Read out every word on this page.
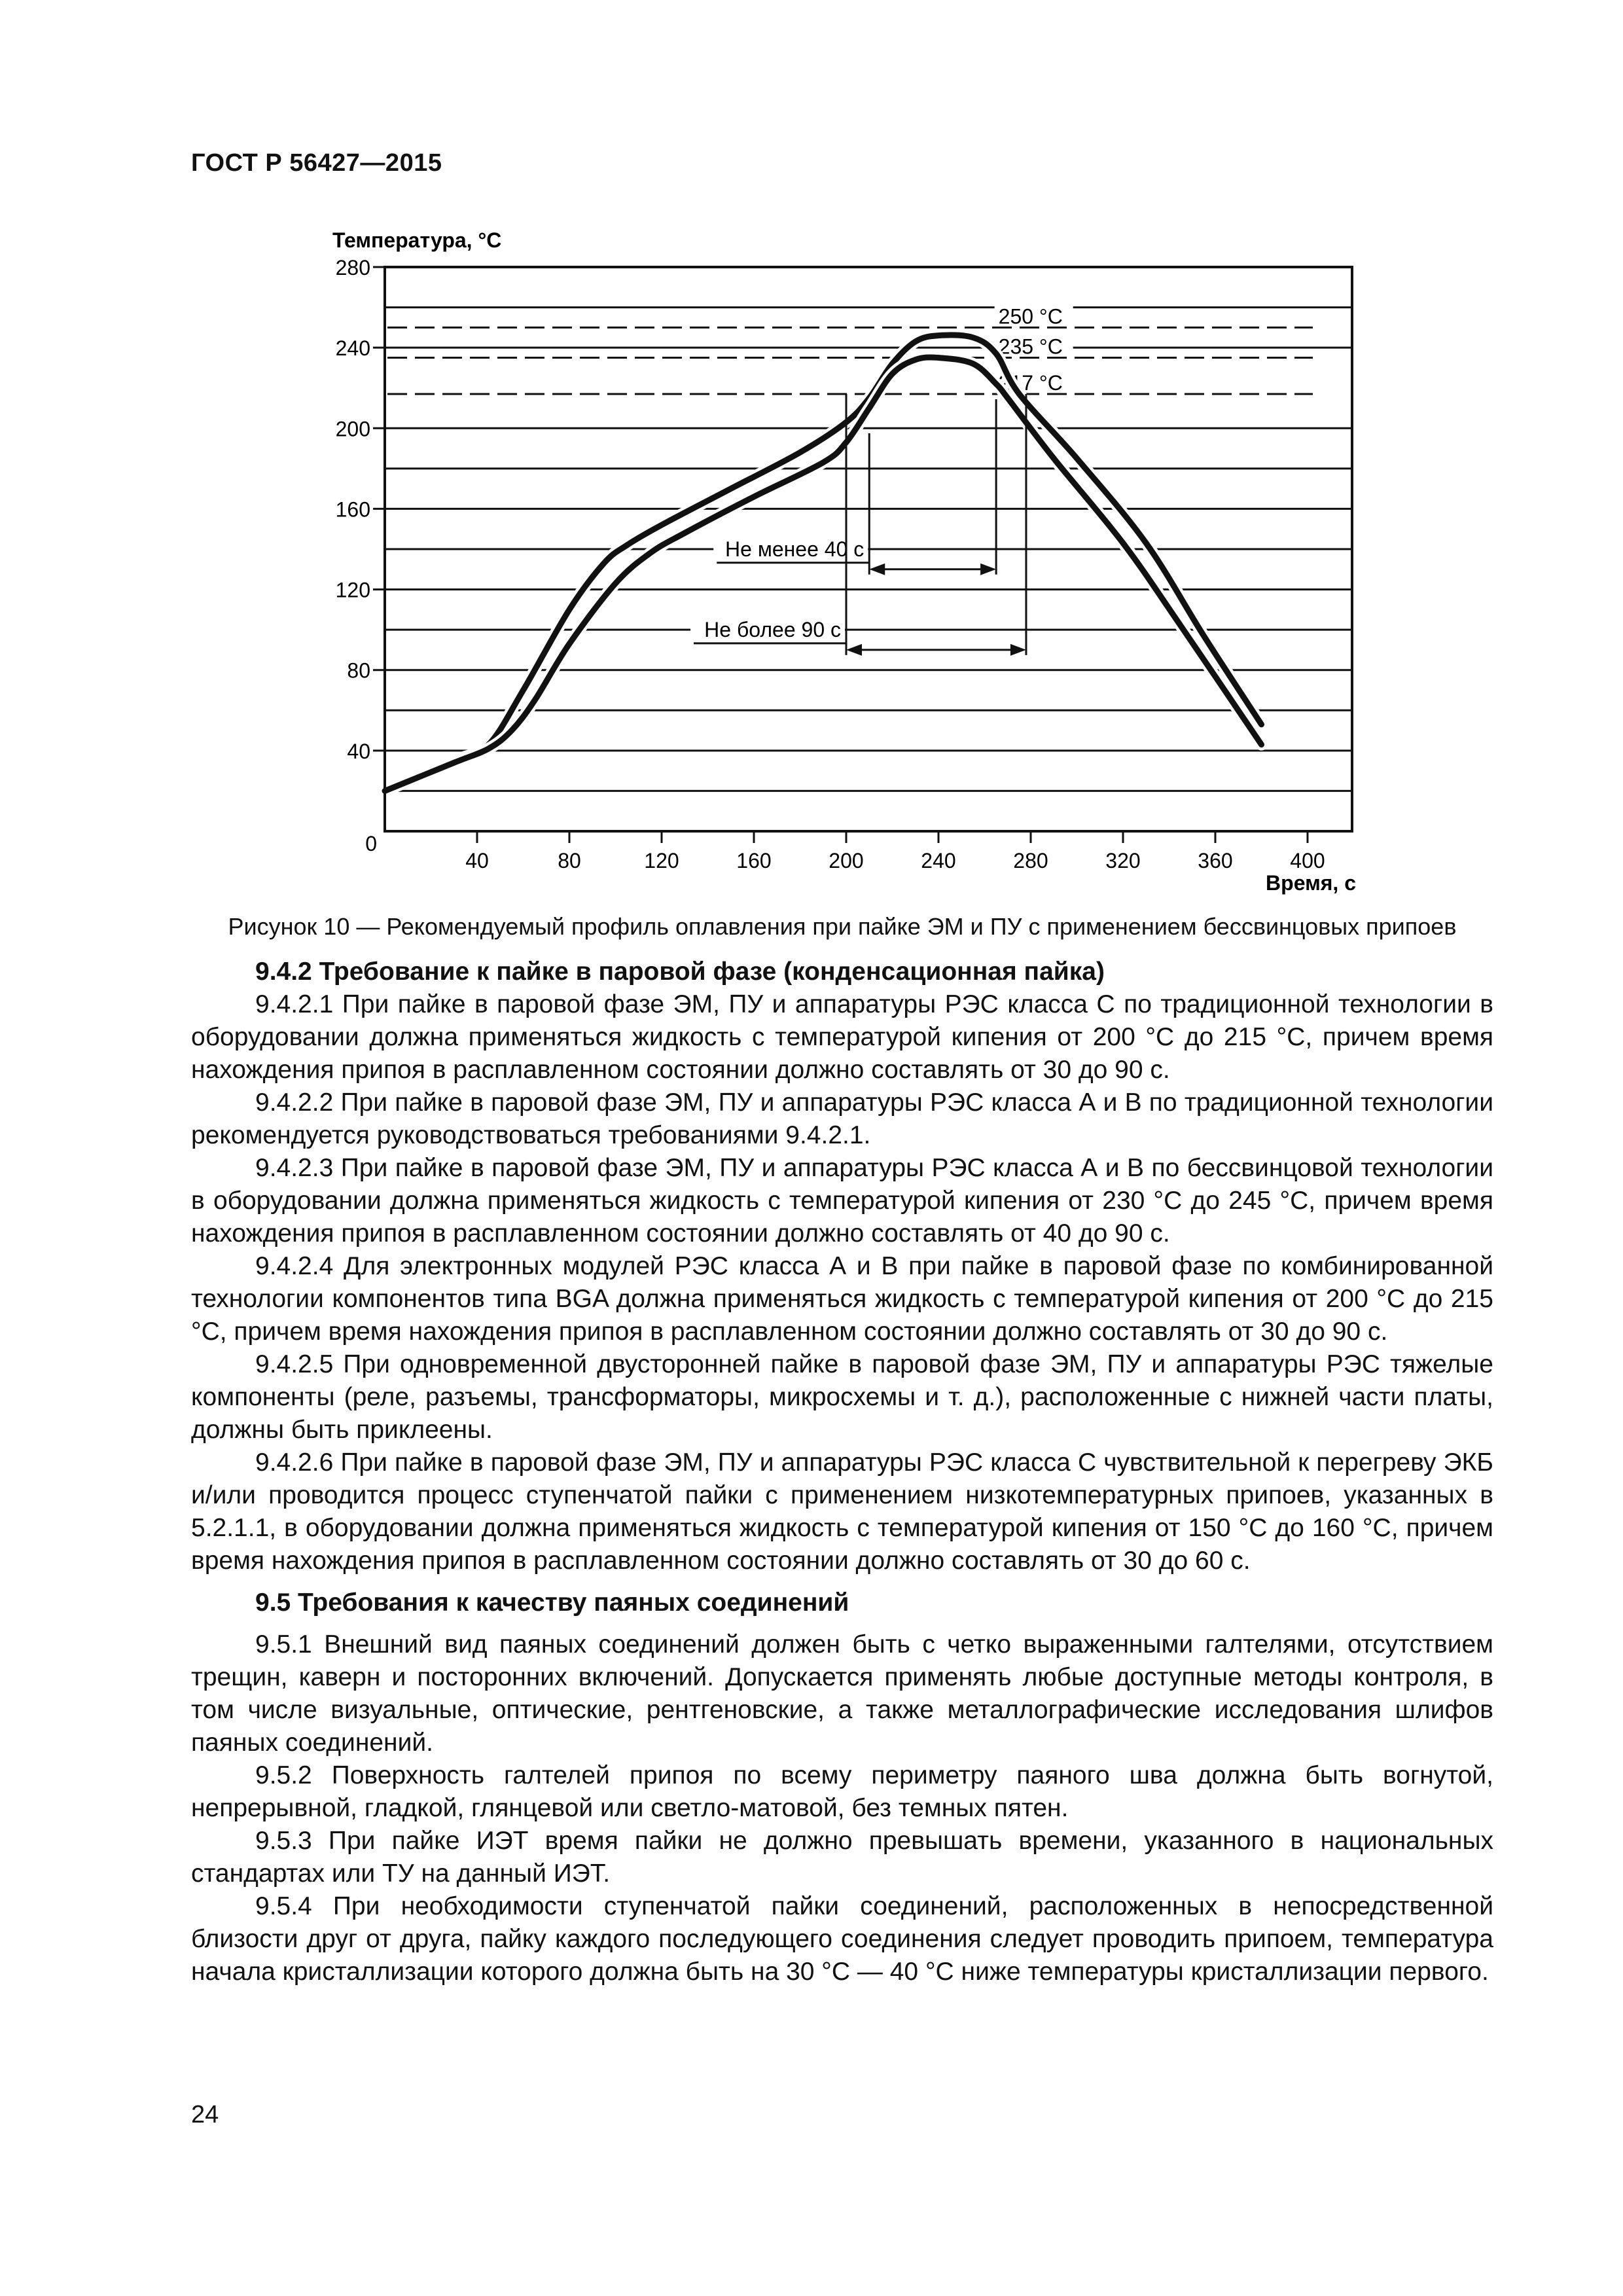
ГОСТ Р 56427—2015
250 °С
235 °С
217 °С
Не менее 40 с
Не более 90 с
280
240
200
160
120
80
40
40	80	120	160	200	240	280	320	360	400
0
Температура, °С
Время, с
Рисунок 10 — Рекомендуемый профиль оплавления при пайке ЭМ и ПУ с применением бессвинцовых припоев
9.4.2 Требование к пайке в паровой фазе (конденсационная пайка)

9.4.2.1 При пайке в паровой фазе ЭМ, ПУ и аппаратуры РЭС класса С по традиционной технологии в оборудовании должна применяться жидкость с температурой кипения от 200 °С до 215 °С, причем время нахождения припоя в расплавленном состоянии должно составлять от 30 до 90 с.

9.4.2.2 При пайке в паровой фазе ЭМ, ПУ и аппаратуры РЭС класса А и В по традиционной технологии рекомендуется руководствоваться требованиями 9.4.2.1.

9.4.2.3 При пайке в паровой фазе ЭМ, ПУ и аппаратуры РЭС класса А и В по бессвинцовой технологии в оборудовании должна применяться жидкость с температурой кипения от 230 °С до 245 °С, причем время нахождения припоя в расплавленном состоянии должно составлять от 40 до 90 с.

9.4.2.4 Для электронных модулей РЭС класса А и В при пайке в паровой фазе по комбинированной технологии компонентов типа BGA должна применяться жидкость с температурой кипения от 200 °С до 215 °С, причем время нахождения припоя в расплавленном состоянии должно составлять от 30 до 90 с.

9.4.2.5 При одновременной двусторонней пайке в паровой фазе ЭМ, ПУ и аппаратуры РЭС тяжелые компоненты (реле, разъемы, трансформаторы, микросхемы и т. д.), расположенные с нижней части платы, должны быть приклеены.

9.4.2.6 При пайке в паровой фазе ЭМ, ПУ и аппаратуры РЭС класса С чувствительной к перегреву ЭКБ и/или проводится процесс ступенчатой пайки с применением низкотемпературных припоев, указанных в 5.2.1.1, в оборудовании должна применяться жидкость с температурой кипения от 150 °С до 160 °С, причем время нахождения припоя в расплавленном состоянии должно составлять от 30 до 60 с.

9.5 Требования к качеству паяных соединений

9.5.1 Внешний вид паяных соединений должен быть с четко выраженными галтелями, отсутствием трещин, каверн и посторонних включений. Допускается применять любые доступные методы контроля, в том числе визуальные, оптические, рентгеновские, а также металлографические исследования шлифов паяных соединений.

9.5.2 Поверхность галтелей припоя по всему периметру паяного шва должна быть вогнутой, непрерывной, гладкой, глянцевой или светло-матовой, без темных пятен.

9.5.3 При пайке ИЭТ время пайки не должно превышать времени, указанного в национальных стандартах или ТУ на данный ИЭТ.

9.5.4 При необходимости ступенчатой пайки соединений, расположенных в непосредственной близости друг от друга, пайку каждого последующего соединения следует проводить припоем, температура начала кристаллизации которого должна быть на 30 °С — 40 °С ниже температуры кристаллизации первого.

24
